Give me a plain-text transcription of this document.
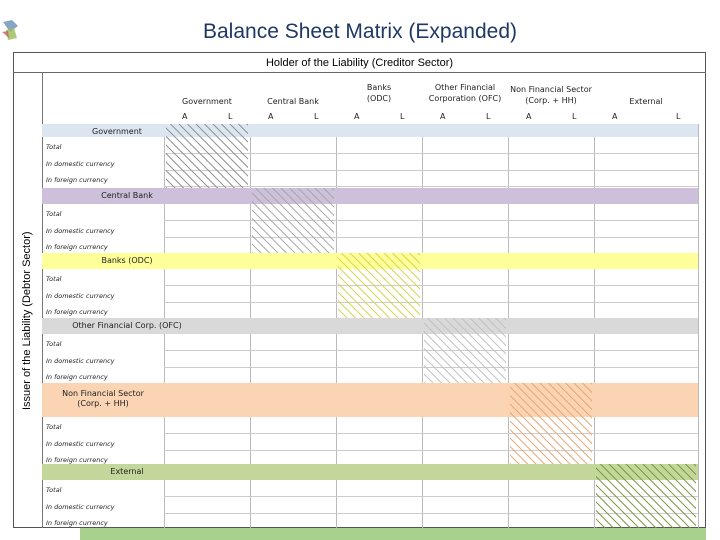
Balance Sheet Matrix (Expanded)
Holder of the Liability (Creditor Sector)
Issuer of the Liability (Debtor Sector)
Government
A	L
Central Bank
A	L
Banks
(ODC)
A	L
Other Financial
Corporation (OFC)
A	L
Non Financial Sector
(Corp. + HH)
A	L
External
A	L
Government
Total
In domestic currency
In foreign currency
Central Bank
Total
In domestic currency
In foreign currency
Banks (ODC)
Total
In domestic currency
In foreign currency
Other Financial Corp. (OFC)
Total
In domestic currency
In foreign currency
Non Financial Sector
(Corp. + HH)
Total
In domestic currency
In foreign currency
External
Total
In domestic currency
In foreign currency
